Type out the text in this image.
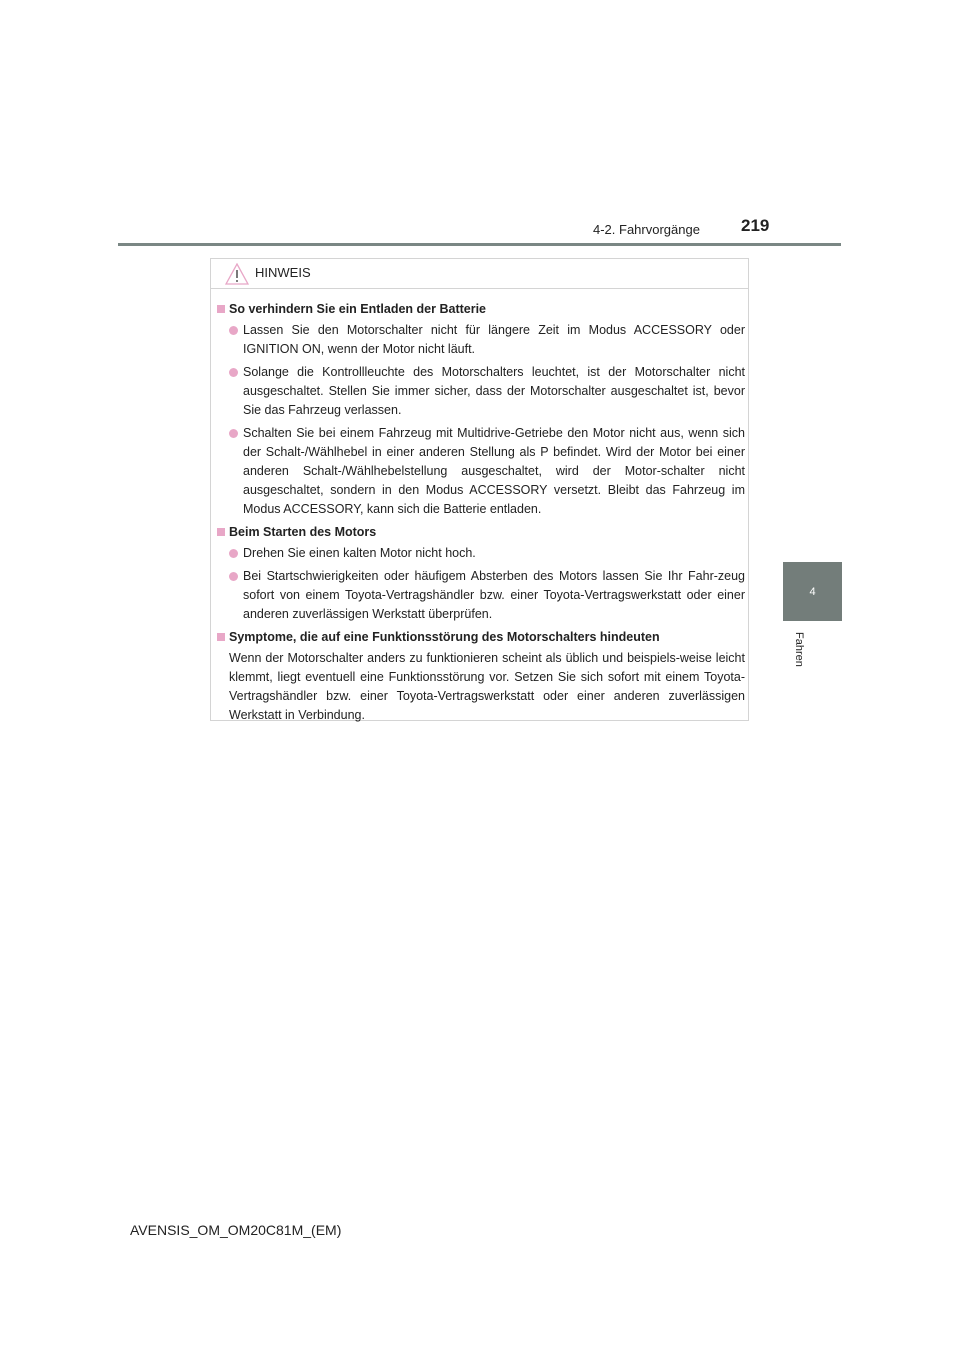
4-2. Fahrvorgänge 219
4
Fahren
HINWEIS
So verhindern Sie ein Entladen der Batterie
Lassen Sie den Motorschalter nicht für längere Zeit im Modus ACCESSORY oder IGNITION ON, wenn der Motor nicht läuft.
Solange die Kontrollleuchte des Motorschalters leuchtet, ist der Motorschalter nicht ausgeschaltet. Stellen Sie immer sicher, dass der Motorschalter ausgeschaltet ist, bevor Sie das Fahrzeug verlassen.
Schalten Sie bei einem Fahrzeug mit Multidrive-Getriebe den Motor nicht aus, wenn sich der Schalt-/Wählhebel in einer anderen Stellung als P befindet. Wird der Motor bei einer anderen Schalt-/Wählhebelstellung ausgeschaltet, wird der Motor-schalter nicht ausgeschaltet, sondern in den Modus ACCESSORY versetzt. Bleibt das Fahrzeug im Modus ACCESSORY, kann sich die Batterie entladen.
Beim Starten des Motors
Drehen Sie einen kalten Motor nicht hoch.
Bei Startschwierigkeiten oder häufigem Absterben des Motors lassen Sie Ihr Fahr-zeug sofort von einem Toyota-Vertragshändler bzw. einer Toyota-Vertragswerkstatt oder einer anderen zuverlässigen Werkstatt überprüfen.
Symptome, die auf eine Funktionsstörung des Motorschalters hindeuten
Wenn der Motorschalter anders zu funktionieren scheint als üblich und beispiels-weise leicht klemmt, liegt eventuell eine Funktionsstörung vor. Setzen Sie sich sofort mit einem Toyota-Vertragshändler bzw. einer Toyota-Vertragswerkstatt oder einer anderen zuverlässigen Werkstatt in Verbindung.
AVENSIS_OM_OM20C81M_(EM)
